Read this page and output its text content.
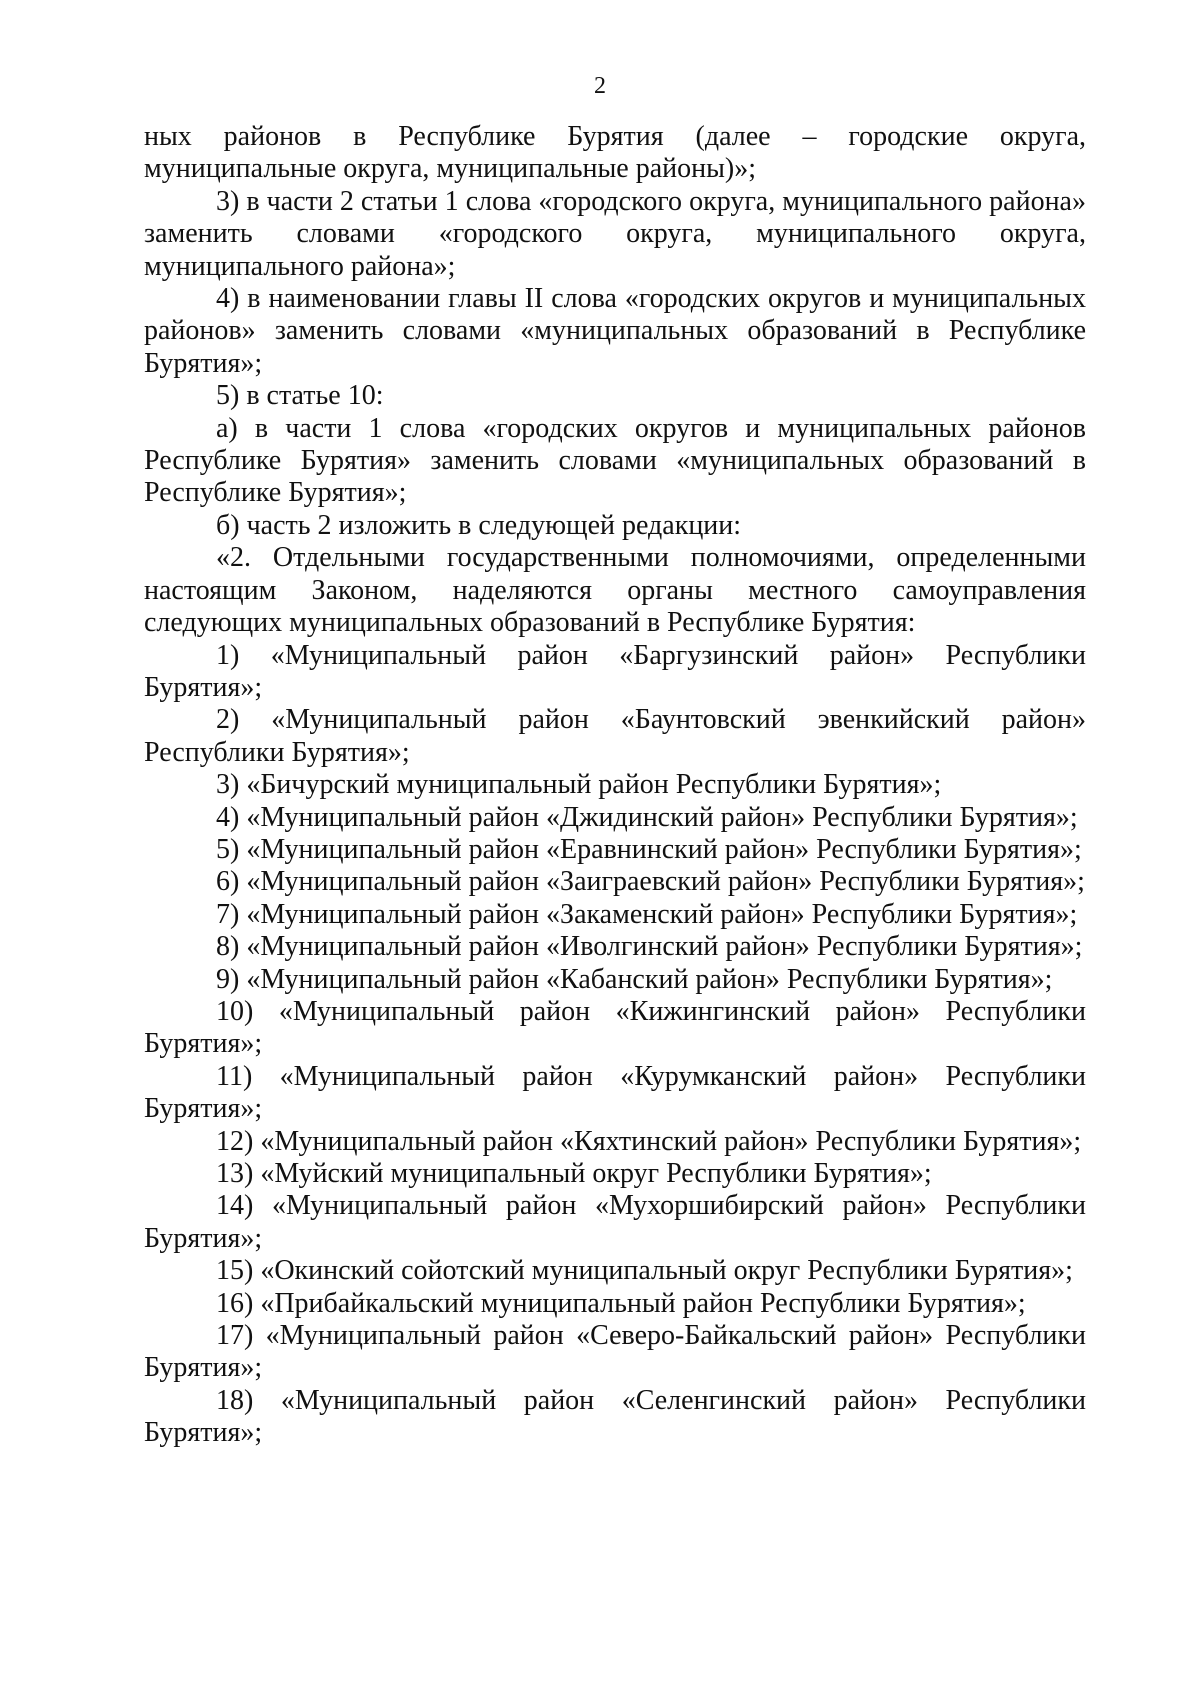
2

ных районов в Республике Бурятия (далее – городские округа, муниципальные округа, муниципальные районы)»;

3) в части 2 статьи 1 слова «городского округа, муниципального района» заменить словами «городского округа, муниципального округа, муниципального района»;

4) в наименовании главы II слова «городских округов и муниципальных районов» заменить словами «муниципальных образований в Республике Бурятия»;

5) в статье 10:

а) в части 1 слова «городских округов и муниципальных районов Республике Бурятия» заменить словами «муниципальных образований в Республике Бурятия»;

б) часть 2 изложить в следующей редакции:

«2. Отдельными государственными полномочиями, определенными настоящим Законом, наделяются органы местного самоуправления следующих муниципальных образований в Республике Бурятия:

1) «Муниципальный район «Баргузинский район» Республики Бурятия»;

2) «Муниципальный район «Баунтовский эвенкийский район» Республики Бурятия»;

3) «Бичурский муниципальный район Республики Бурятия»;

4) «Муниципальный район «Джидинский район» Республики Бурятия»;

5) «Муниципальный район «Еравнинский район» Республики Бурятия»;

6) «Муниципальный район «Заиграевский район» Республики Бурятия»;

7) «Муниципальный район «Закаменский район» Республики Бурятия»;

8) «Муниципальный район «Иволгинский район» Республики Бурятия»;

9) «Муниципальный район «Кабанский район» Республики Бурятия»;

10) «Муниципальный район «Кижингинский район» Республики Бурятия»;

11) «Муниципальный район «Курумканский район» Республики Бурятия»;

12) «Муниципальный район «Кяхтинский район» Республики Бурятия»;

13) «Муйский муниципальный округ Республики Бурятия»;

14) «Муниципальный район «Мухоршибирский район» Республики Бурятия»;

15) «Окинский сойотский муниципальный округ Республики Бурятия»;

16) «Прибайкальский муниципальный район Республики Бурятия»;

17) «Муниципальный район «Северо-Байкальский район» Республики Бурятия»;

18) «Муниципальный район «Селенгинский район» Республики Бурятия»;
